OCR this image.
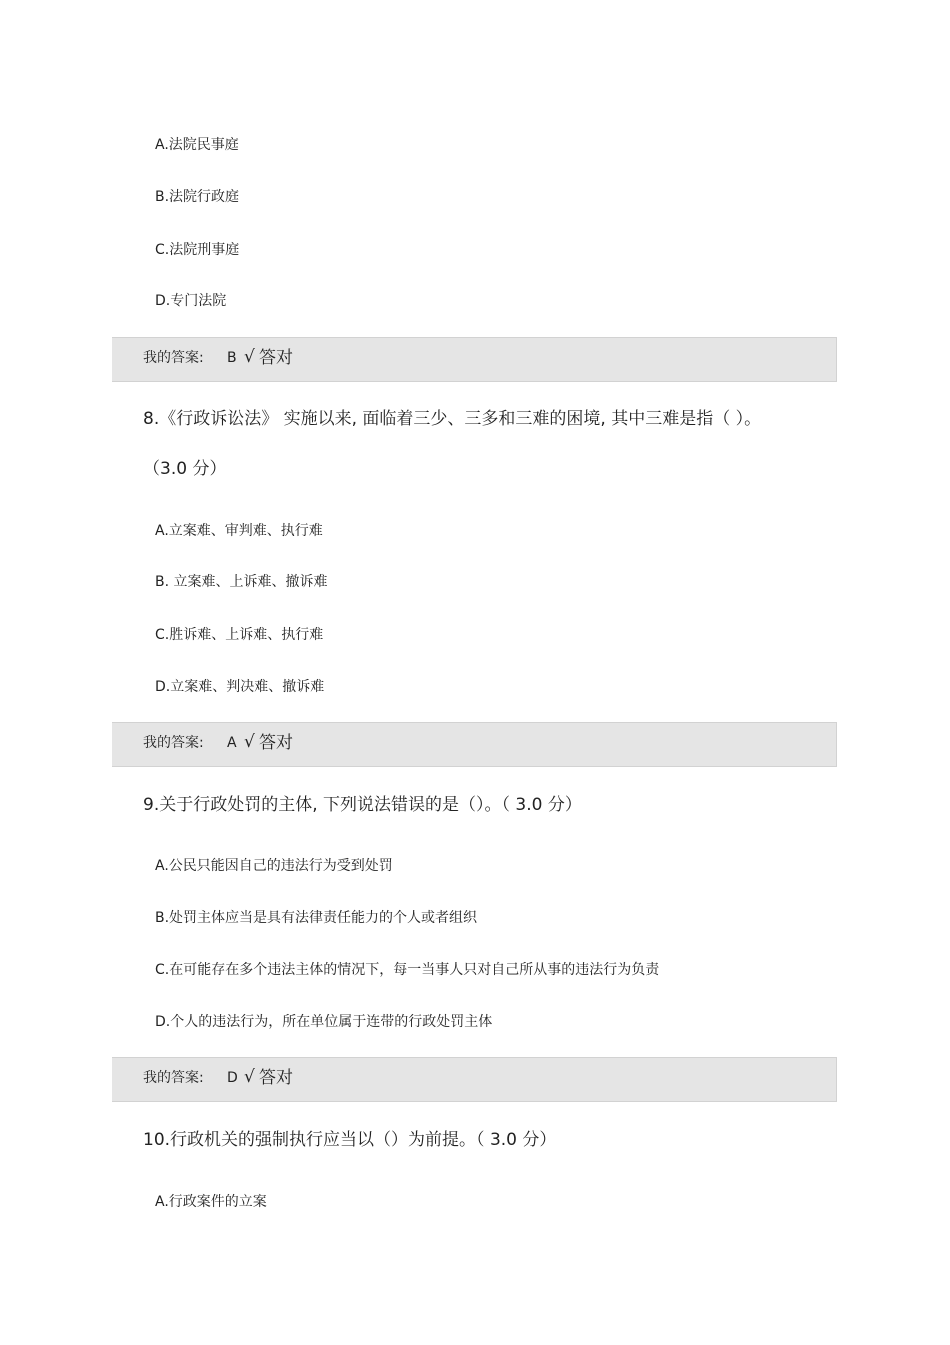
A.法院民事庭
B.法院行政庭
C.法院刑事庭
D.专门法院
我的答案: B √ 答对
8.《行政诉讼法》 实施以来, 面临着三少、三多和三难的困境, 其中三难是指（ ）。
（3.0 分）
A.立案难、审判难、执行难
B. 立案难、上诉难、撤诉难
C.胜诉难、上诉难、执行难
D.立案难、判决难、撤诉难
我的答案: A √ 答对
9.关于行政处罚的主体, 下列说法错误的是（）。（ 3.0 分）
A.公民只能因自己的违法行为受到处罚
B.处罚主体应当是具有法律责任能力的个人或者组织
C.在可能存在多个违法主体的情况下，每一当事人只对自己所从事的违法行为负责
D.个人的违法行为，所在单位属于连带的行政处罚主体
我的答案: D √ 答对
10.行政机关的强制执行应当以（）为前提。（ 3.0 分）
A.行政案件的立案
